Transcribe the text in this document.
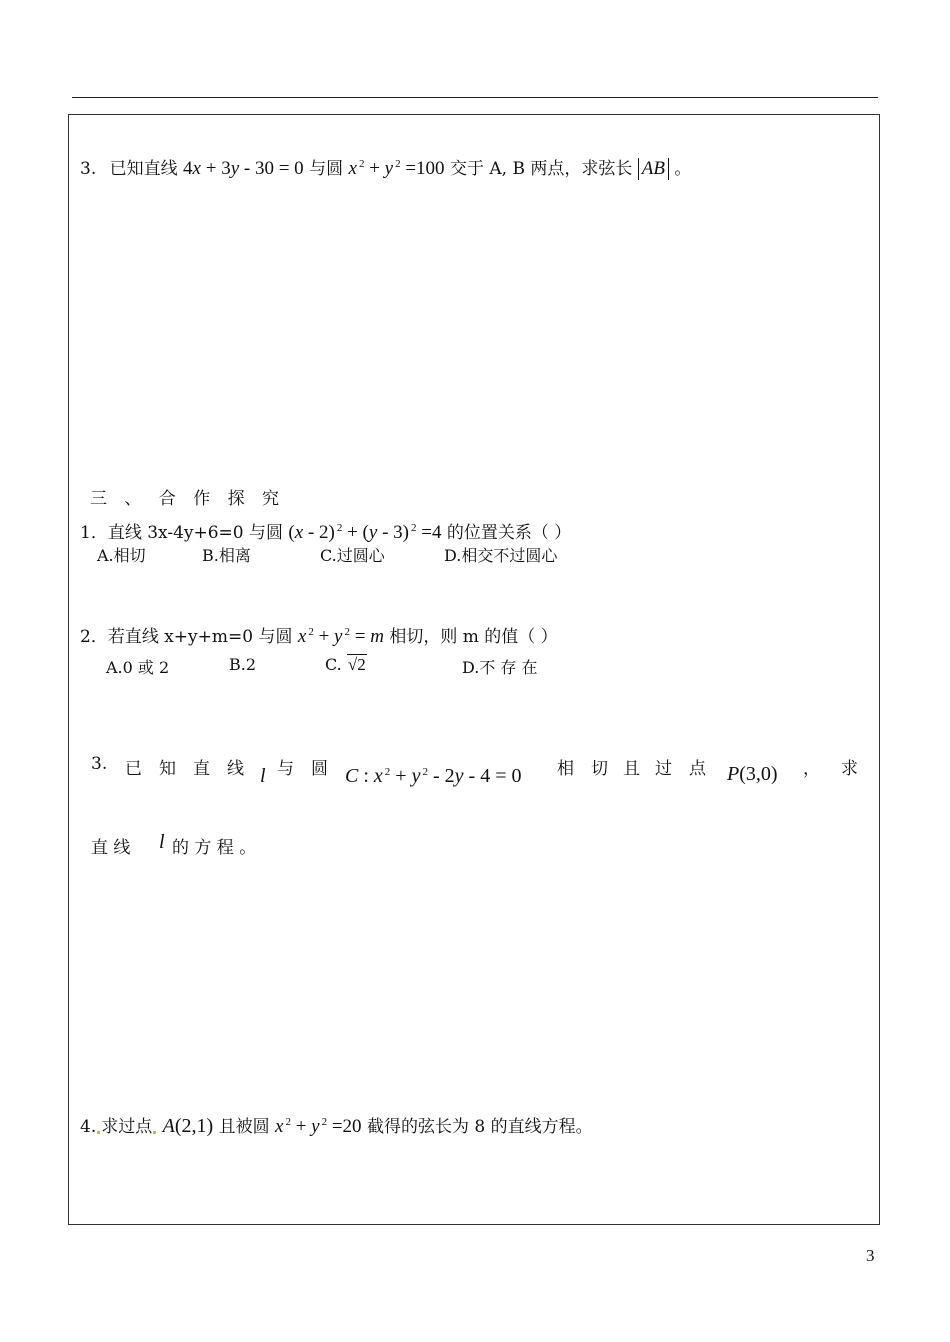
3. 已知直线 4x + 3y - 30 = 0 与圆 x $^2$ + y $^2$ =100 交于 A, B 两点，求弦长 AB 。
三 、 合 作 探 究
1．直线 3x-4y+6=0 与圆 (x - 2) $^2$ + (y - 3) $^2$ =4 的位置关系（ ）
A.相切	B.相离	C.过圆心	D.相交不过圆心
2．若直线 x+y+m=0 与圆 x $^2$ + y $^2$ = m 相切，则 m 的值（ ）
A.0 或 2	B.2	C. √2	D.不 存 在
3. 已 知 直 线 l 与 圆 C : x $^2$ + y $^2$ - 2y - 4 = 0 相 切 且 过 点 P(3,0) ， 求
直 线 l 的 方 程 。
4. 求过点 A(2,1) 且被圆 x $^2$ + y $^2$ =20 截得的弦长为 8 的直线方程。
3
